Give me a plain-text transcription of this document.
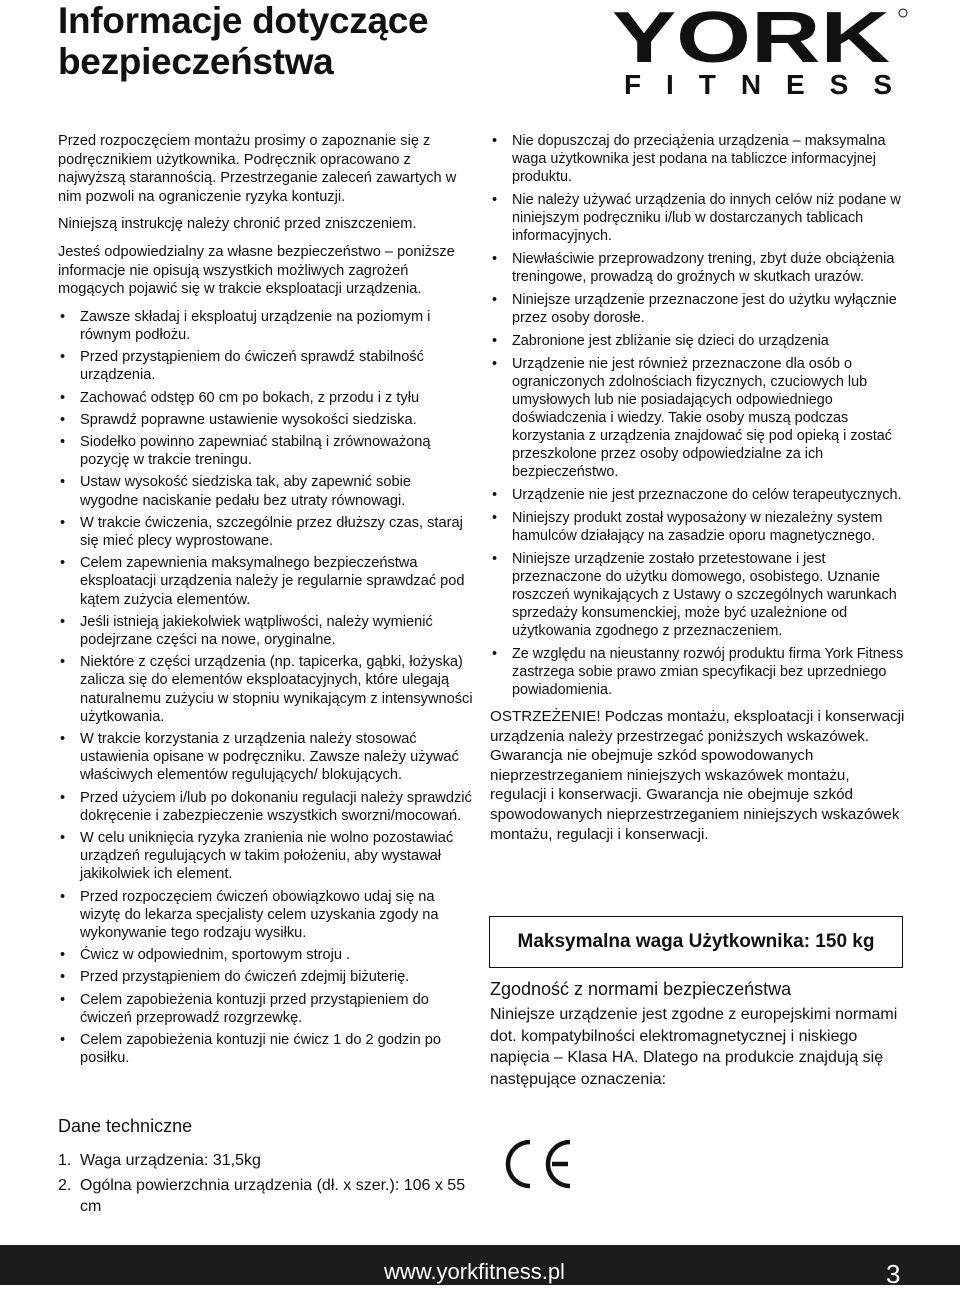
Informacje dotyczące
bezpieczeństwa	YORK
FITNESS

Przed rozpoczęciem montażu prosimy o zapoznanie się z podręcznikiem użytkownika. Podręcznik opracowano z najwyższą starannością. Przestrzeganie zaleceń zawartych w nim pozwoli na ograniczenie ryzyka kontuzji.

Niniejszą instrukcję należy chronić przed zniszczeniem.

Jesteś odpowiedzialny za własne bezpieczeństwo – poniższe informacje nie opisują wszystkich możliwych zagrożeń mogących pojawić się w trakcie eksploatacji urządzenia.

• Zawsze składaj i eksploatuj urządzenie na poziomym i równym podłożu.
• Przed przystąpieniem do ćwiczeń sprawdź stabilność urządzenia.
• Zachować odstęp 60 cm po bokach, z przodu i z tyłu
• Sprawdź poprawne ustawienie wysokości siedziska.
• Siodełko powinno zapewniać stabilną i zrównoważoną pozycję w trakcie treningu.
• Ustaw wysokość siedziska tak, aby zapewnić sobie wygodne naciskanie pedału bez utraty równowagi.
• W trakcie ćwiczenia, szczególnie przez dłuższy czas, staraj się mieć plecy wyprostowane.
• Celem zapewnienia maksymalnego bezpieczeństwa eksploatacji urządzenia należy je regularnie sprawdzać pod kątem zużycia elementów.
• Jeśli istnieją jakiekolwiek wątpliwości, należy wymienić podejrzane części na nowe, oryginalne.
• Niektóre z części urządzenia (np. tapicerka, gąbki, łożyska) zalicza się do elementów eksploatacyjnych, które ulegają naturalnemu zużyciu w stopniu wynikającym z intensywności użytkowania.
• W trakcie korzystania z urządzenia należy stosować ustawienia opisane w podręczniku. Zawsze należy używać właściwych elementów regulujących/ blokujących.
• Przed użyciem i/lub po dokonaniu regulacji należy sprawdzić dokręcenie i zabezpieczenie wszystkich sworzni/mocowań.
• W celu uniknięcia ryzyka zranienia nie wolno pozostawiać urządzeń regulujących w takim położeniu, aby wystawał jakikolwiek ich element.
• Przed rozpoczęciem ćwiczeń obowiązkowo udaj się na wizytę do lekarza specjalisty celem uzyskania zgody na wykonywanie tego rodzaju wysiłku.
• Ćwicz w odpowiednim, sportowym stroju .
• Przed przystąpieniem do ćwiczeń zdejmij biżuterię.
• Celem zapobieżenia kontuzji przed przystąpieniem do ćwiczeń przeprowadź rozgrzewkę.
• Celem zapobieżenia kontuzji nie ćwicz 1 do 2 godzin po posiłku.
• Nie dopuszczaj do przeciążenia urządzenia – maksymalna waga użytkownika jest podana na tabliczce informacyjnej produktu.
• Nie należy używać urządzenia do innych celów niż podane w niniejszym podręczniku i/lub w dostarczanych tablicach informacyjnych.
• Niewłaściwie przeprowadzony trening, zbyt duże obciążenia treningowe, prowadzą do groźnych w skutkach urazów.
• Niniejsze urządzenie przeznaczone jest do użytku wyłącznie przez osoby dorosłe.
• Zabronione jest zbliżanie się dzieci do urządzenia
• Urządzenie nie jest również przeznaczone dla osób o ograniczonych zdolnościach fizycznych, czuciowych lub umysłowych lub nie posiadających odpowiedniego doświadczenia i wiedzy. Takie osoby muszą podczas korzystania z urządzenia znajdować się pod opieką i zostać przeszkolone przez osoby odpowiedzialne za ich bezpieczeństwo.
• Urządzenie nie jest przeznaczone do celów terapeutycznych.
• Niniejszy produkt został wyposażony w niezależny system hamulców działający na zasadzie oporu magnetycznego.
• Niniejsze urządzenie zostało przetestowane i jest przeznaczone do użytku domowego, osobistego. Uznanie roszczeń wynikających z Ustawy o szczególnych warunkach sprzedaży konsumenckiej, może być uzależnione od użytkowania zgodnego z przeznaczeniem.
• Ze względu na nieustanny rozwój produktu firma York Fitness zastrzega sobie prawo zmian specyfikacji bez uprzedniego powiadomienia.

OSTRZEŻENIE! Podczas montażu, eksploatacji i konserwacji urządzenia należy przestrzegać poniższych wskazówek. Gwarancja nie obejmuje szkód spowodowanych nieprzestrzeganiem niniejszych wskazówek montażu, regulacji i konserwacji. Gwarancja nie obejmuje szkód spowodowanych nieprzestrzeganiem niniejszych wskazówek montażu, regulacji i konserwacji.

Maksymalna waga Użytkownika: 150 kg
Zgodność z normami bezpieczeństwa
Niniejsze urządzenie jest zgodne z europejskimi normami dot. kompatybilności elektromagnetycznej i niskiego napięcia – Klasa HA. Dlatego na produkcie znajdują się następujące oznaczenia:
Dane techniczne
1. Waga urządzenia: 31,5kg
2. Ogólna powierzchnia urządzenia (dł. x szer.): 106 x 55 cm
www.yorkfitness.pl	3
